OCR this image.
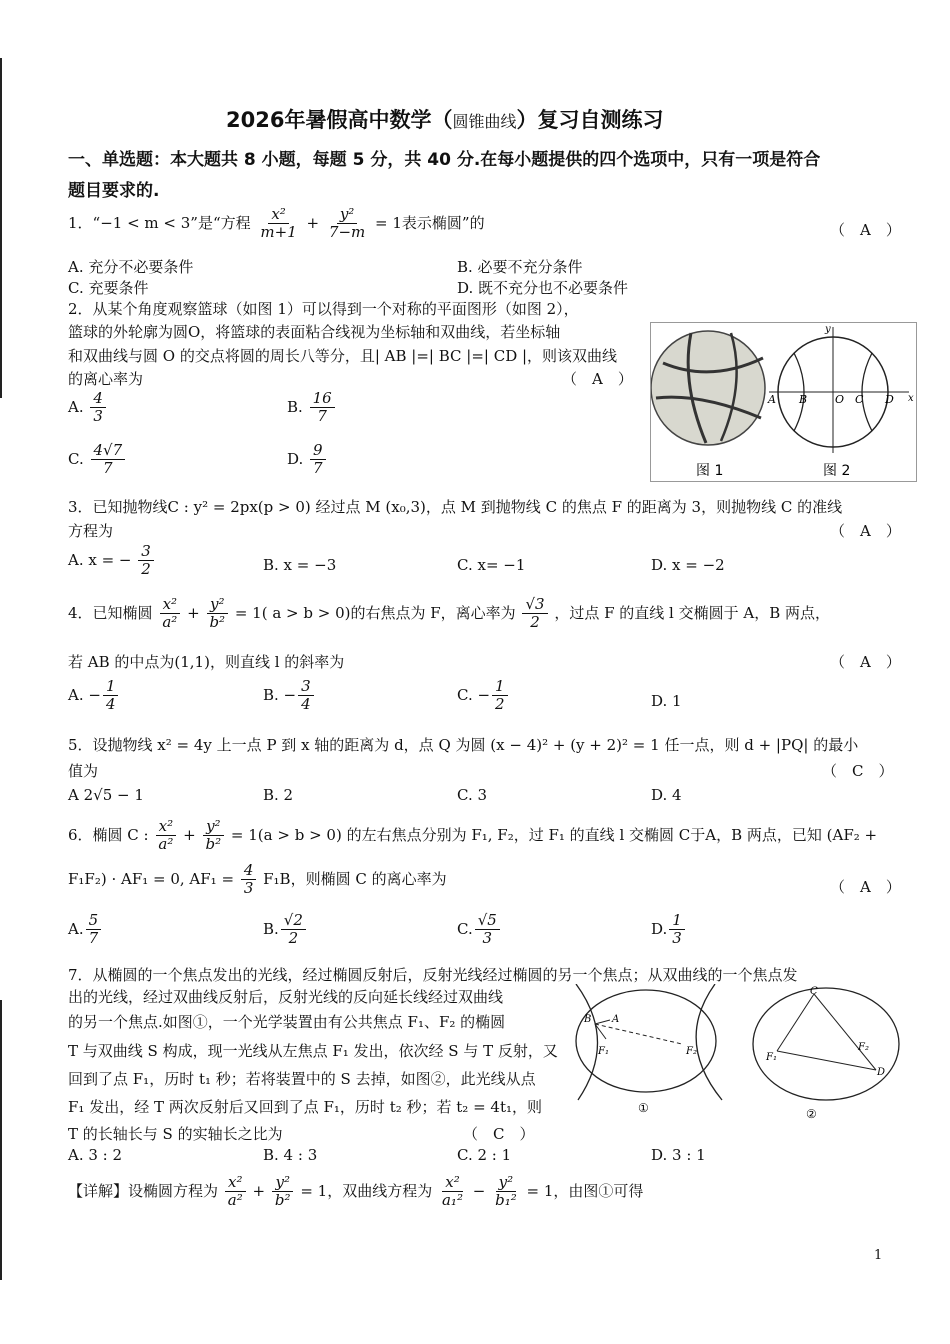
2026年暑假高中数学（圆锥曲线）复习自测练习
一、单选题：本大题共 8 小题，每题 5 分，共 40 分.在每小题提供的四个选项中，只有一项是符合
题目要求的.
1．“−1 < m < 3”是“方程 $\frac{\text{x²}}{m+1} + \frac{\text{y²}}{7-m} = 1$表示椭圆”的	（　A　）
A. 充分不必要条件	B. 必要不充分条件
C. 充要条件	D. 既不充分也不必要条件
2．从某个角度观察篮球（如图 1）可以得到一个对称的平面图形（如图 2），
篮球的外轮廓为圆O，将篮球的表面粘合线视为坐标轴和双曲线，若坐标轴
和双曲线与圆 O 的交点将圆的周长八等分，且| AB |=| BC |=| CD |，则该双曲线
的离心率为	（　A　）
A. $\frac{4}{3}$	B. $\frac{16}{7}$
C. $\frac{4√7}{7}$	D. $\frac{9}{7}$
y
x
A B	O C D
图 1	图 2
3．已知抛物线C : y² = 2px(p > 0) 经过点 M (x₀,3)，点 M 到抛物线 C 的焦点 F 的距离为 3，则抛物线 C 的准线
方程为	（　A　）
A. x = − $\frac{3}{2}$	B. x = −3	C. x= −1	D. x = −2
4．已知椭圆 $\frac{\text{x²}}{\text{a²}} + \frac{\text{y²}}{\text{b²}} = 1$( a > b > 0)的右焦点为 F，离心率为 $\frac{√3}{2}$ ，过点 F 的直线 l 交椭圆于 A，B 两点，
若 AB 的中点为(1,1)，则直线 l 的斜率为	（　A　）
A. − $\frac{1}{4}$	B. − $\frac{3}{4}$	C. − $\frac{1}{2}$	D. 1
5．设抛物线 x² = 4y 上一点 P 到 x 轴的距离为 d，点 Q 为圆 (x − 4)² + (y + 2)² = 1 任一点，则 d + |PQ| 的最小
值为	（　C　）
A 2√5 − 1	B. 2	C. 3	D. 4
6．椭圆 C : $\frac{\text{x²}}{\text{a²}} + \frac{\text{y²}}{\text{b²}} = 1(a > b > 0)$ 的左右焦点分别为 F₁, F₂，过 F₁ 的直线 l 交椭圆 C于A，B 两点，已知 (AF₂ +
F₁F₂) · AF₁ = 0, $AF_1 = \frac{4}{3} F_1B$，则椭圆 C 的离心率为	（　A　）
A. $\frac{5}{7}$	B. $\frac{√2}{2}$	C. $\frac{√5}{3}$	D. $\frac{1}{3}$
7．从椭圆的一个焦点发出的光线，经过椭圆反射后，反射光线经过椭圆的另一个焦点；从双曲线的一个焦点发
出的光线，经过双曲线反射后，反射光线的反向延长线经过双曲线
的另一个焦点.如图①，一个光学装置由有公共焦点 F₁、F₂ 的椭圆
T 与双曲线 S 构成，现一光线从左焦点 F₁ 发出，依次经 S 与 T 反射，又
回到了点 F₁，历时 t₁ 秒；若将装置中的 S 去掉，如图②，此光线从点
F₁ 发出，经 T 两次反射后又回到了点 F₁，历时 t₂ 秒；若 t₂ = 4t₁，则
T 的长轴长与 S 的实轴长之比为	（　C　）
A. 3 : 2	B. 4 : 3	C. 2 : 1	D. 3 : 1
B A
F₁	F₂
①
C
D
F₁
F₂
②
【详解】设椭圆方程为 $\frac{\text{x²}}{\text{a²}} + \frac{\text{y²}}{\text{b²}} = 1$，双曲线方程为 $\frac{\text{x²}}{\text{a₁²}} - \frac{\text{y²}}{\text{b₁²}} = 1$，由图①可得
1
